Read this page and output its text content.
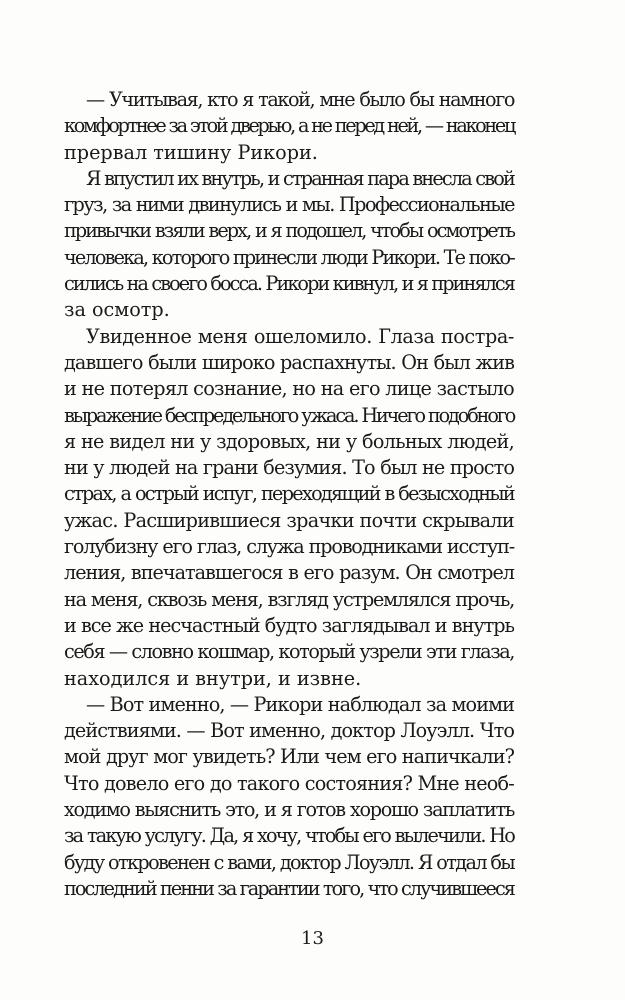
— Учитывая, кто я такой, мне было бы намного
комфортнее за этой дверью, а не перед ней, — наконец
прервал тишину Рикори.
Я впустил их внутрь, и странная пара внесла свой
груз, за ними двинулись и мы. Профессиональные
привычки взяли верх, и я подошел, чтобы осмотреть
человека, которого принесли люди Рикори. Те поко-
сились на своего босса. Рикори кивнул, и я принялся
за осмотр.
Увиденное меня ошеломило. Глаза постра-
давшего были широко распахнуты. Он был жив
и не потерял сознание, но на его лице застыло
выражение беспредельного ужаса. Ничего подобного
я не видел ни у здоровых, ни у больных людей,
ни у людей на грани безумия. То был не просто
страх, а острый испуг, переходящий в безысходный
ужас. Расширившиеся зрачки почти скрывали
голубизну его глаз, служа проводниками исступ-
ления, впечатавшегося в его разум. Он смотрел
на меня, сквозь меня, взгляд устремлялся прочь,
и все же несчастный будто заглядывал и внутрь
себя — словно кошмар, который узрели эти глаза,
находился и внутри, и извне.
— Вот именно, — Рикори наблюдал за моими
действиями. — Вот именно, доктор Лоуэлл. Что
мой друг мог увидеть? Или чем его напичкали?
Что довело его до такого состояния? Мне необ-
ходимо выяснить это, и я готов хорошо заплатить
за такую услугу. Да, я хочу, чтобы его вылечили. Но
буду откровенен с вами, доктор Лоуэлл. Я отдал бы
последний пенни за гарантии того, что случившееся
13
